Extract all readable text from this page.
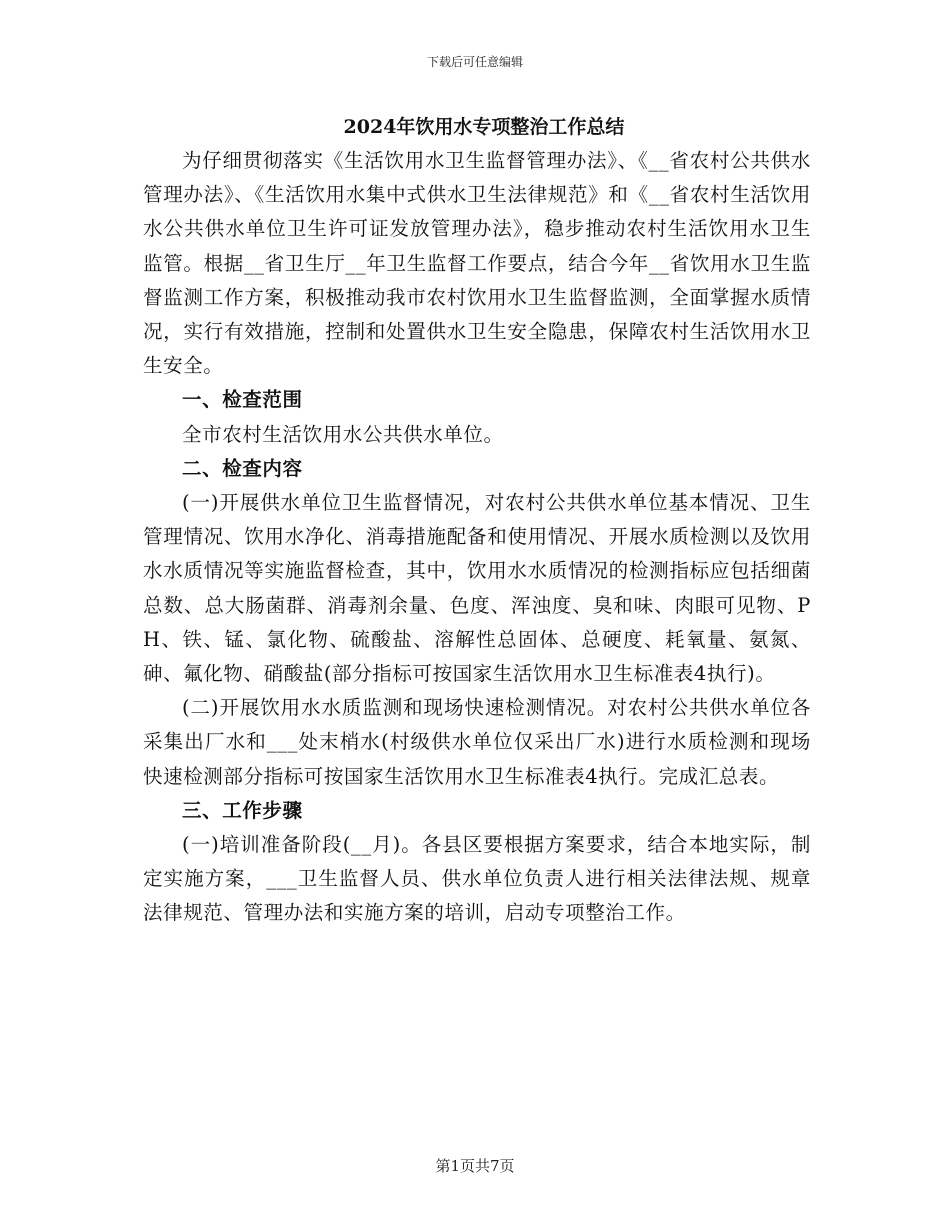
下载后可任意编辑
2024年饮用水专项整治工作总结

为仔细贯彻落实《生活饮用水卫生监督管理办法》、《__省农村公共供水管理办法》、《生活饮用水集中式供水卫生法律规范》和《__省农村生活饮用水公共供水单位卫生许可证发放管理办法》，稳步推动农村生活饮用水卫生监管。根据__省卫生厅__年卫生监督工作要点，结合今年__省饮用水卫生监督监测工作方案，积极推动我市农村饮用水卫生监督监测，全面掌握水质情况，实行有效措施，控制和处置供水卫生安全隐患，保障农村生活饮用水卫生安全。

一、检查范围

全市农村生活饮用水公共供水单位。

二、检查内容

(一)开展供水单位卫生监督情况，对农村公共供水单位基本情况、卫生管理情况、饮用水净化、消毒措施配备和使用情况、开展水质检测以及饮用水水质情况等实施监督检查，其中，饮用水水质情况的检测指标应包括细菌总数、总大肠菌群、消毒剂余量、色度、浑浊度、臭和味、肉眼可见物、PH、铁、锰、氯化物、硫酸盐、溶解性总固体、总硬度、耗氧量、氨氮、砷、氟化物、硝酸盐(部分指标可按国家生活饮用水卫生标准表4执行)。

(二)开展饮用水水质监测和现场快速检测情况。对农村公共供水单位各采集出厂水和___处末梢水(村级供水单位仅采出厂水)进行水质检测和现场快速检测部分指标可按国家生活饮用水卫生标准表4执行。完成汇总表。

三、工作步骤

(一)培训准备阶段(__月)。各县区要根据方案要求，结合本地实际，制定实施方案，___卫生监督人员、供水单位负责人进行相关法律法规、规章法律规范、管理办法和实施方案的培训，启动专项整治工作。

第1页共7页
